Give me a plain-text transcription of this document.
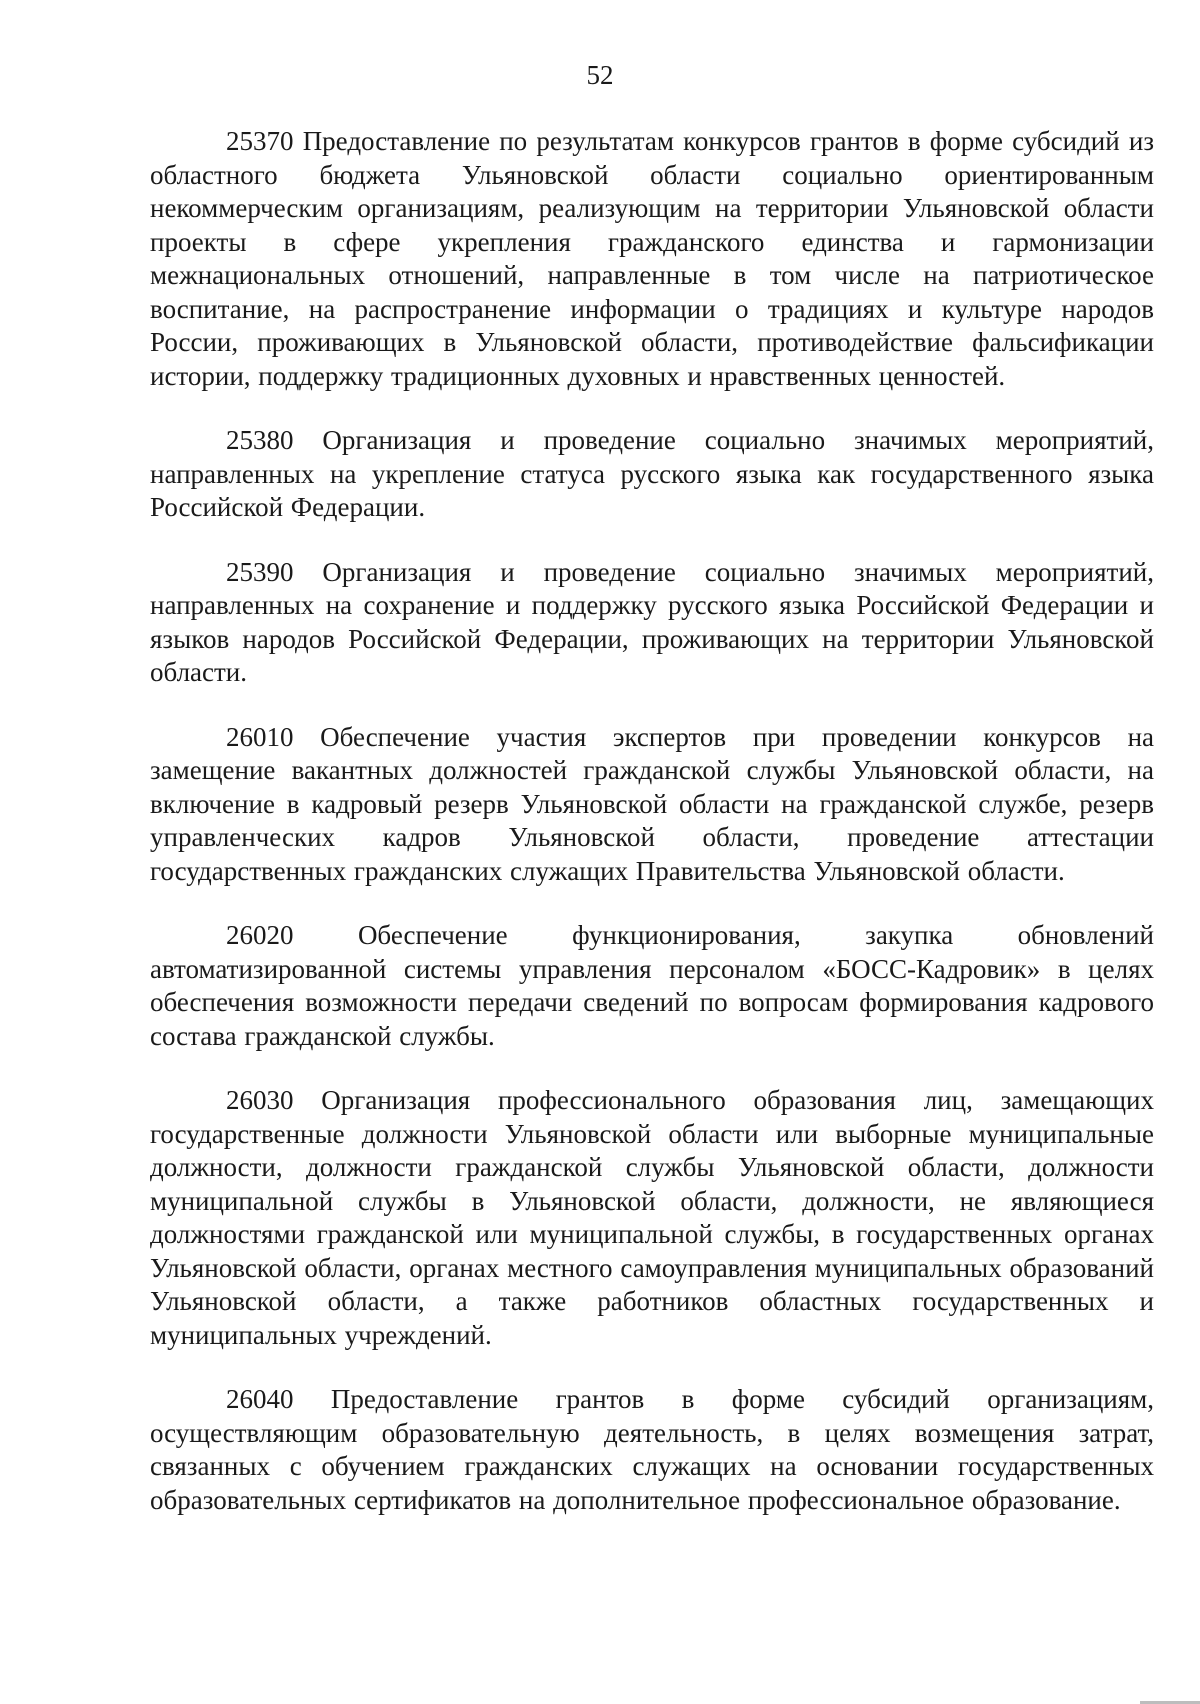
52

25370 Предоставление по результатам конкурсов грантов в форме субсидий из областного бюджета Ульяновской области социально ориентированным некоммерческим организациям, реализующим на территории Ульяновской области проекты в сфере укрепления гражданского единства и гармонизации межнациональных отношений, направленные в том числе на патриотическое воспитание, на распространение информации о традициях и культуре народов России, проживающих в Ульяновской области, противодействие фальсификации истории, поддержку традиционных духовных и нравственных ценностей.

25380 Организация и проведение социально значимых мероприятий, направленных на укрепление статуса русского языка как государственного языка Российской Федерации.

25390 Организация и проведение социально значимых мероприятий, направленных на сохранение и поддержку русского языка Российской Федерации и языков народов Российской Федерации, проживающих на территории Ульяновской области.

26010 Обеспечение участия экспертов при проведении конкурсов на замещение вакантных должностей гражданской службы Ульяновской области, на включение в кадровый резерв Ульяновской области на гражданской службе, резерв управленческих кадров Ульяновской области, проведение аттестации государственных гражданских служащих Правительства Ульяновской области.

26020 Обеспечение функционирования, закупка обновлений автоматизированной системы управления персоналом «БОСС-Кадровик» в целях обеспечения возможности передачи сведений по вопросам формирования кадрового состава гражданской службы.

26030 Организация профессионального образования лиц, замещающих государственные должности Ульяновской области или выборные муниципальные должности, должности гражданской службы Ульяновской области, должности муниципальной службы в Ульяновской области, должности, не являющиеся должностями гражданской или муниципальной службы, в государственных органах Ульяновской области, органах местного самоуправления муниципальных образований Ульяновской области, а также работников областных государственных и муниципальных учреждений.

26040 Предоставление грантов в форме субсидий организациям, осуществляющим образовательную деятельность, в целях возмещения затрат, связанных с обучением гражданских служащих на основании государственных образовательных сертификатов на дополнительное профессиональное образование.
